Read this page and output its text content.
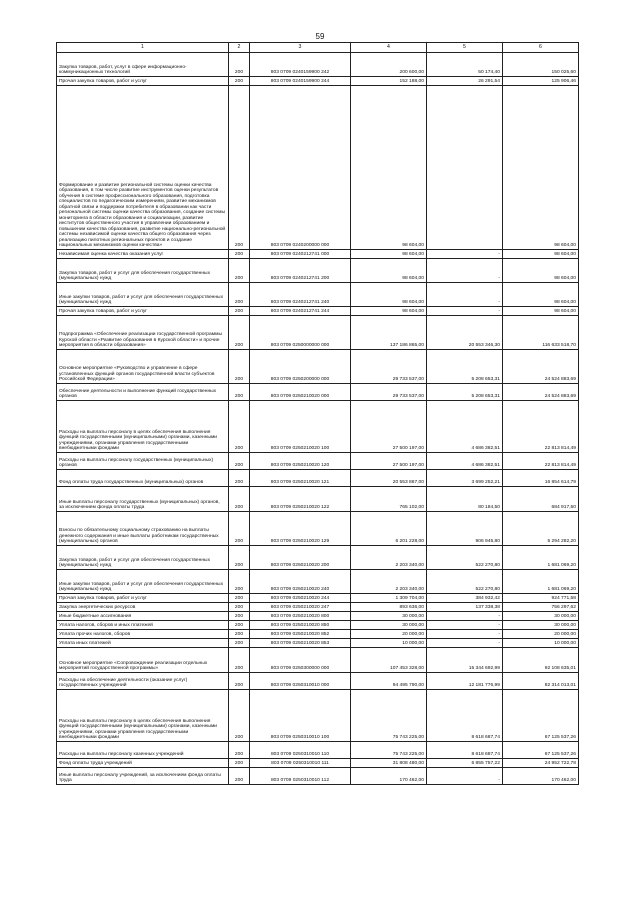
59
1	2	3	4	5	6
Закупка товаров, работ, услуг в сфере информационно-коммуникационных технологий	200	803 0709 0240159900 242	200 600,00	50 174,40	150 025,60
Прочая закупка товаров, работ и услуг	200	803 0709 0240159900 244	152 188,00	26 291,54	125 906,46
Формирование и развитие региональной системы оценки качества образования, в том числе развитие инструментов оценки результатов обучения в системе профессионального образования, подготовка специалистов по педагогическим измерениям, развитие механизмов обратной связи и поддержки потребителя в образовании как части региональной системы оценки качества образования, создание системы мониторинга в области образования и социализации, развитие институтов общественного участия в управлении образованием и повышении качества образования, развитие национально-региональной системы независимой оценки качества общего образования через реализацию пилотных региональных проектов и создание национальных механизмов оценки качества»	200	803 0709 0240200000 000	98 604,00		98 604,00
Независимая оценка качества оказания услуг	200	803 0709 0240212741 000	98 604,00	-	98 604,00
Закупка товаров, работ и услуг для обеспечения государственных (муниципальных) нужд	200	803 0709 0240212741 200	98 604,00	-	98 604,00
Иные закупки товаров, работ и услуг для обеспечения государственных (муниципальных) нужд	200	803 0709 0240212741 240	98 604,00	-	98 604,00
Прочая закупка товаров, работ и услуг	200	803 0709 0240212741 244	98 604,00	-	98 604,00
Подпрограмма «Обеспечение реализации государственной программы Курской области «Развитие образования в Курской области» и прочие мероприятия в области образования»	200	803 0709 0250000000 000	137 186 865,00	20 553 346,30	116 633 518,70
Основное мероприятие «Руководство и управление в сфере установленных функций органов государственной власти субъектов Российской Федерации»	200	803 0709 0250200000 000	29 733 537,00	5 208 653,31	24 524 883,69
Обеспечение деятельности и выполнение функций государственных органов	200	803 0709 0250210020 000	29 733 537,00	5 208 653,31	24 524 883,69
Расходы на выплаты персоналу в целях обеспечения выполнения функций государственными (муниципальными) органами, казенными учреждениями, органами управления государственными внебюджетными фондами	200	803 0709 0250210020 100	27 500 197,00	4 686 382,51	22 813 814,49
Расходы на выплаты персоналу государственных (муниципальных) органов	200	803 0709 0250210020 120	27 500 197,00	4 686 382,51	22 813 814,49
Фонд оплаты труда государственных (муниципальных) органов	200	803 0709 0250210020 121	20 553 867,00	3 699 252,21	16 854 614,79
Иные выплаты персоналу государственных (муниципальных) органов, за исключением фонда оплаты труда	200	803 0709 0250210020 122	765 102,00	80 184,50	684 917,50
Взносы по обязательному социальному страхованию на выплаты денежного содержания и иные выплаты работникам государственных (муниципальных) органов	200	803 0709 0250210020 129	6 201 228,00	906 945,80	5 294 282,20
Закупка товаров, работ и услуг для обеспечения государственных (муниципальных) нужд	200	803 0709 0250210020 200	2 203 340,00	522 270,80	1 681 069,20
Иные закупки товаров, работ и услуг для обеспечения государственных (муниципальных) нужд	200	803 0709 0250210020 240	2 203 340,00	522 270,80	1 681 069,20
Прочая закупка товаров, работ и услуг	200	803 0709 0250210020 244	1 309 704,00	384 932,42	924 771,58
Закупка энергетических ресурсов	200	803 0709 0250210020 247	893 636,00	137 338,38	756 297,62
Иные бюджетные ассигнования	200	803 0709 0250210020 800	30 000,00	-	30 000,00
Уплата налогов, сборов и иных платежей	200	803 0709 0250210020 850	30 000,00	-	30 000,00
Уплата прочих налогов, сборов	200	803 0709 0250210020 852	20 000,00	-	20 000,00
Уплата иных платежей	200	803 0709 0250210020 853	10 000,00	-	10 000,00
Основное мероприятие «Сопровождение реализации отдельных мероприятий государственной программы»	200	803 0709 0250300000 000	107 453 328,00	15 344 692,99	92 108 635,01
Расходы на обеспечение деятельности (оказание услуг) государственных учреждений	200	803 0709 0250310010 000	94 495 790,00	12 181 776,99	82 314 013,01
Расходы на выплаты персоналу в целях обеспечения выполнения функций государственными (муниципальными) органами, казенными учреждениями, органами управления государственными внебюджетными фондами	200	803 0709 0250310010 100	75 743 225,00	8 618 687,74	67 125 537,26
Расходы на выплаты персоналу казенных учреждений	200	803 0709 0250310010 110	75 743 225,00	8 618 687,74	67 125 537,26
Фонд оплаты труда учреждений	200	803 0709 0250310010 111	31 808 480,00	6 855 757,22	24 952 722,78
Иные выплаты персоналу учреждений, за исключением фонда оплаты труда	200	803 0709 0250310010 112	170 462,00	-	170 462,00
